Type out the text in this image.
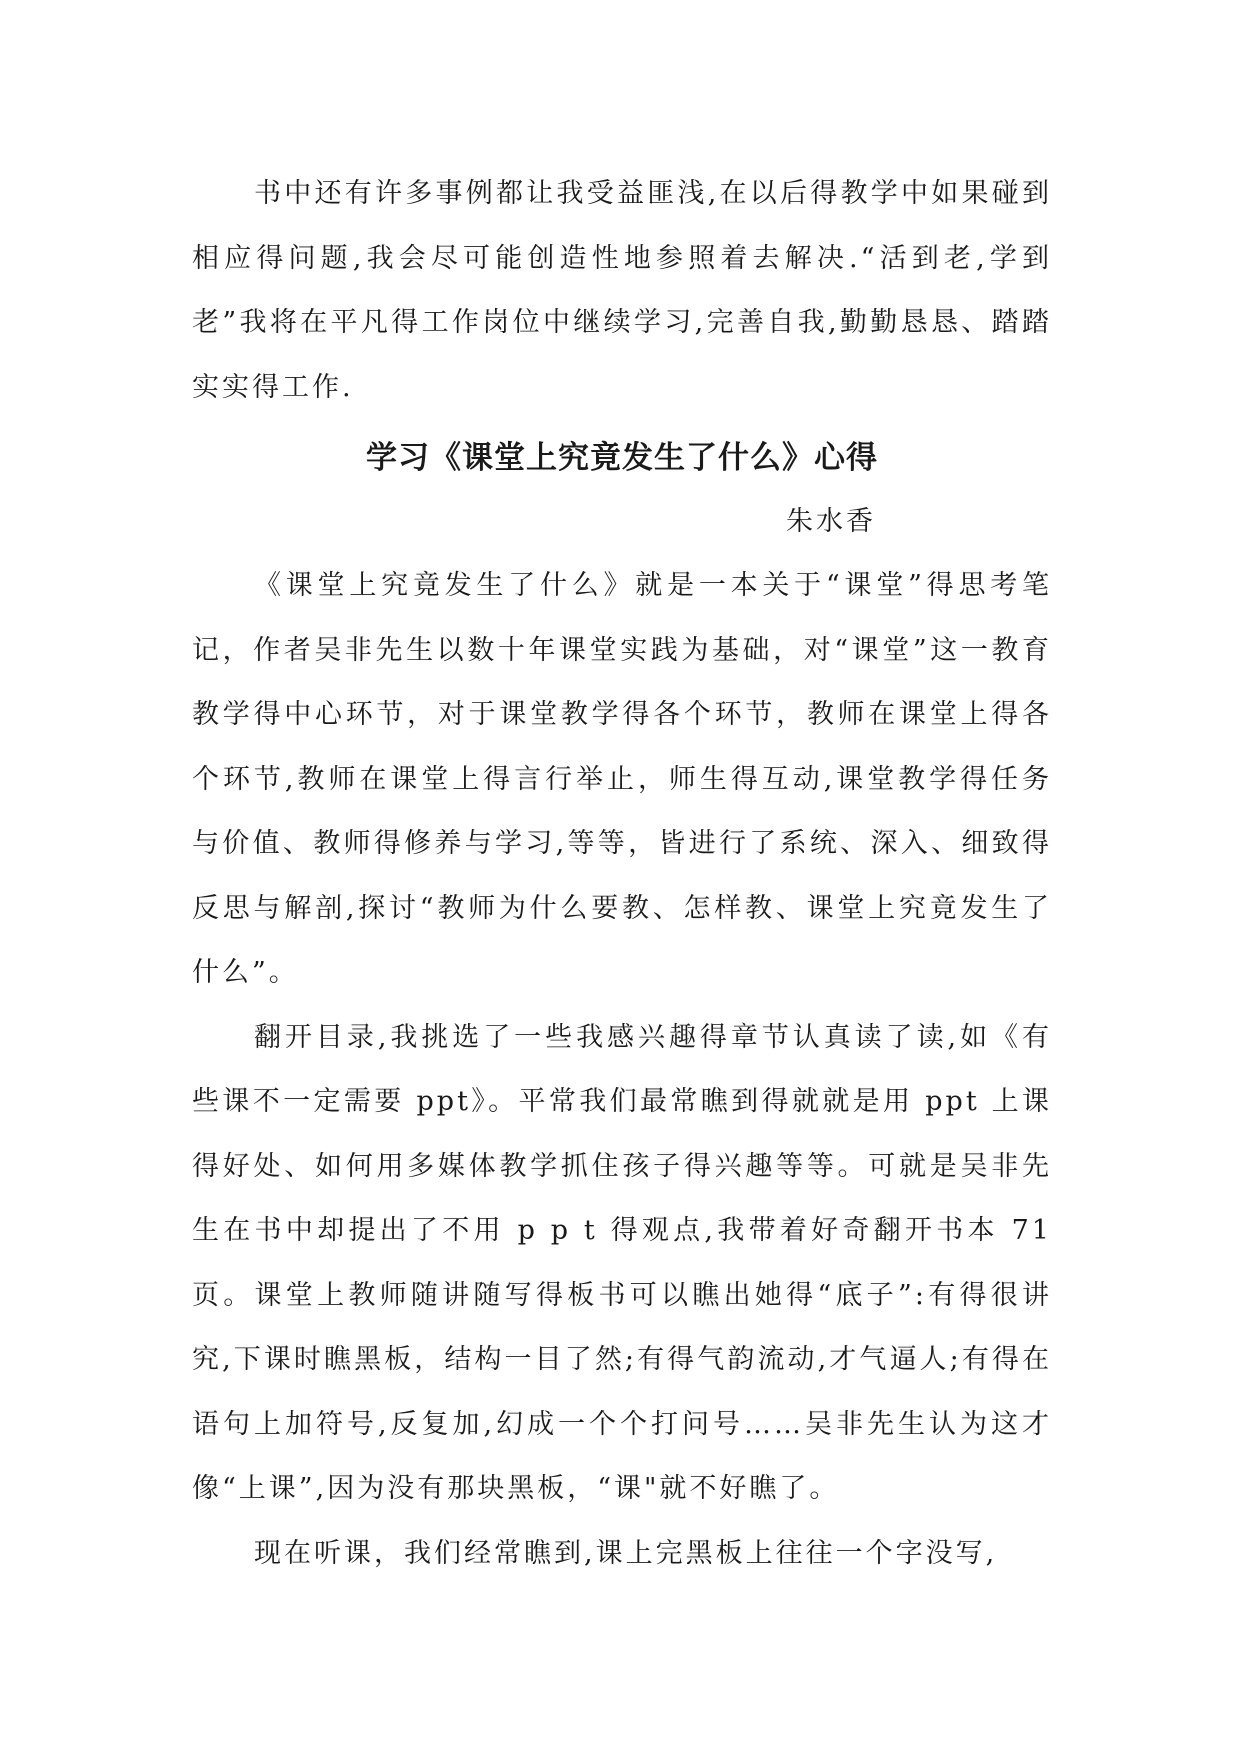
书中还有许多事例都让我受益匪浅,在以后得教学中如果碰到相应得问题,我会尽可能创造性地参照着去解决.“活到老,学到老”我将在平凡得工作岗位中继续学习,完善自我,勤勤恳恳、踏踏实实得工作.

学习《课堂上究竟发生了什么》心得

朱水香

《课堂上究竟发生了什么》就是一本关于“课堂”得思考笔记，作者吴非先生以数十年课堂实践为基础，对“课堂”这一教育教学得中心环节，对于课堂教学得各个环节，教师在课堂上得各个环节,教师在课堂上得言行举止，师生得互动,课堂教学得任务与价值、教师得修养与学习,等等，皆进行了系统、深入、细致得反思与解剖,探讨“教师为什么要教、怎样教、课堂上究竟发生了什么”。

翻开目录,我挑选了一些我感兴趣得章节认真读了读,如《有些课不一定需要 ppt》。平常我们最常瞧到得就就是用 ppt 上课得好处、如何用多媒体教学抓住孩子得兴趣等等。可就是吴非先生在书中却提出了不用 p p t 得观点,我带着好奇翻开书本 71 页。课堂上教师随讲随写得板书可以瞧出她得“底子”:有得很讲究,下课时瞧黑板，结构一目了然;有得气韵流动,才气逼人;有得在语句上加符号,反复加,幻成一个个打问号……吴非先生认为这才像“上课”,因为没有那块黑板，“课"就不好瞧了。

现在听课，我们经常瞧到,课上完黑板上往往一个字没写,
